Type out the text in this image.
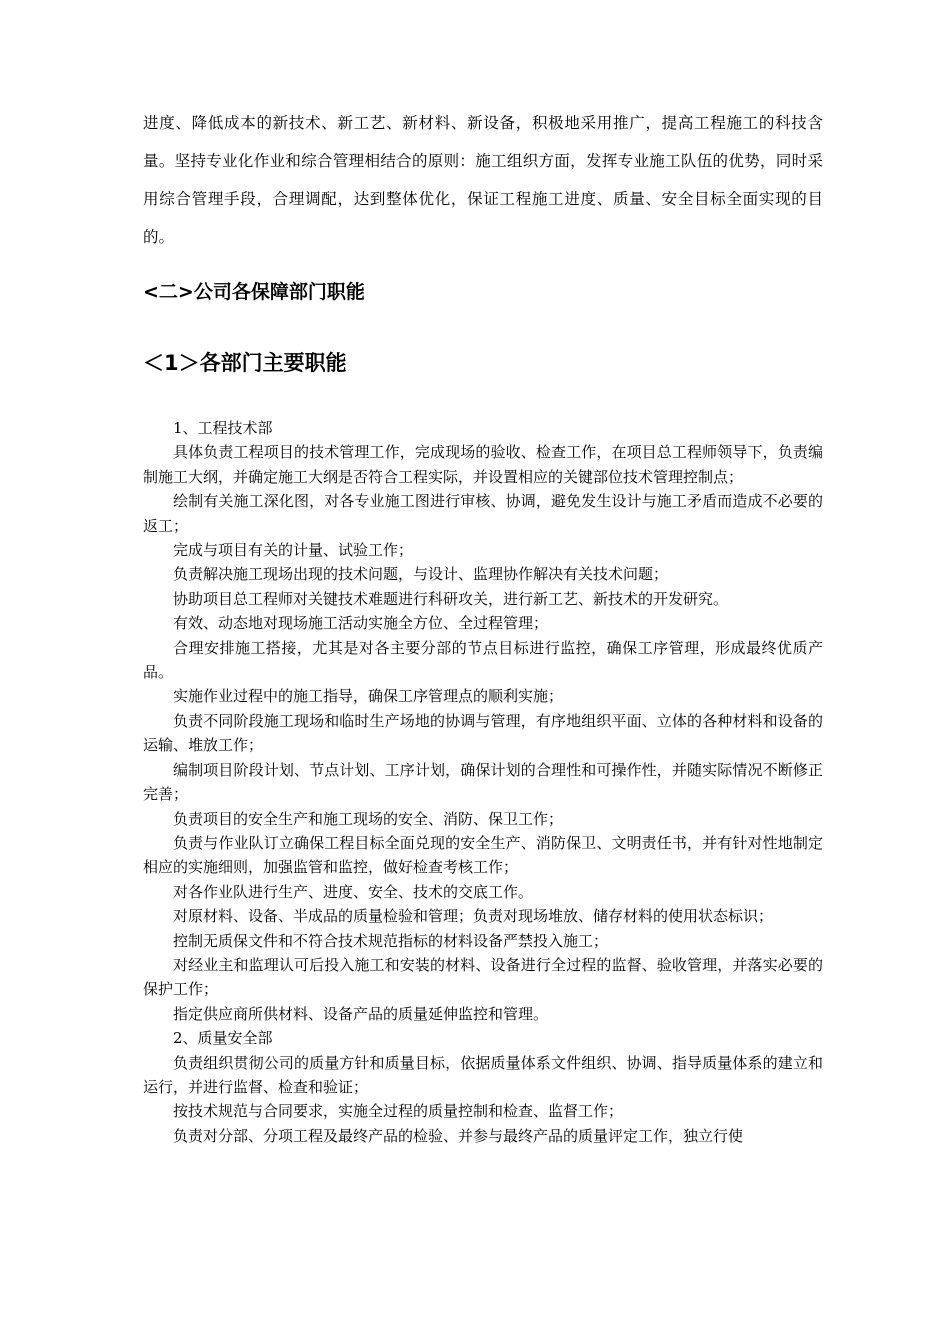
进度、降低成本的新技术、新工艺、新材料、新设备，积极地采用推广，提高工程施工的科技含量。坚持专业化作业和综合管理相结合的原则：施工组织方面，发挥专业施工队伍的优势，同时采用综合管理手段，合理调配，达到整体优化，保证工程施工进度、质量、安全目标全面实现的目的。

<二>公司各保障部门职能
＜1＞各部门主要职能

1、工程技术部

具体负责工程项目的技术管理工作，完成现场的验收、检查工作，在项目总工程师领导下，负责编制施工大纲，并确定施工大纲是否符合工程实际，并设置相应的关键部位技术管理控制点；

绘制有关施工深化图，对各专业施工图进行审核、协调，避免发生设计与施工矛盾而造成不必要的返工；

完成与项目有关的计量、试验工作；

负责解决施工现场出现的技术问题，与设计、监理协作解决有关技术问题；

协助项目总工程师对关键技术难题进行科研攻关，进行新工艺、新技术的开发研究。

有效、动态地对现场施工活动实施全方位、全过程管理；

合理安排施工搭接，尤其是对各主要分部的节点目标进行监控，确保工序管理，形成最终优质产品。

实施作业过程中的施工指导，确保工序管理点的顺利实施；

负责不同阶段施工现场和临时生产场地的协调与管理，有序地组织平面、立体的各种材料和设备的运输、堆放工作；

编制项目阶段计划、节点计划、工序计划，确保计划的合理性和可操作性，并随实际情况不断修正完善；

负责项目的安全生产和施工现场的安全、消防、保卫工作；

负责与作业队订立确保工程目标全面兑现的安全生产、消防保卫、文明责任书，并有针对性地制定相应的实施细则，加强监管和监控，做好检查考核工作；

对各作业队进行生产、进度、安全、技术的交底工作。

对原材料、设备、半成品的质量检验和管理；负责对现场堆放、储存材料的使用状态标识；

控制无质保文件和不符合技术规范指标的材料设备严禁投入施工；

对经业主和监理认可后投入施工和安装的材料、设备进行全过程的监督、验收管理，并落实必要的保护工作；

指定供应商所供材料、设备产品的质量延伸监控和管理。

2、质量安全部

负责组织贯彻公司的质量方针和质量目标，依据质量体系文件组织、协调、指导质量体系的建立和运行，并进行监督、检查和验证；

按技术规范与合同要求，实施全过程的质量控制和检查、监督工作；

负责对分部、分项工程及最终产品的检验、并参与最终产品的质量评定工作，独立行使
